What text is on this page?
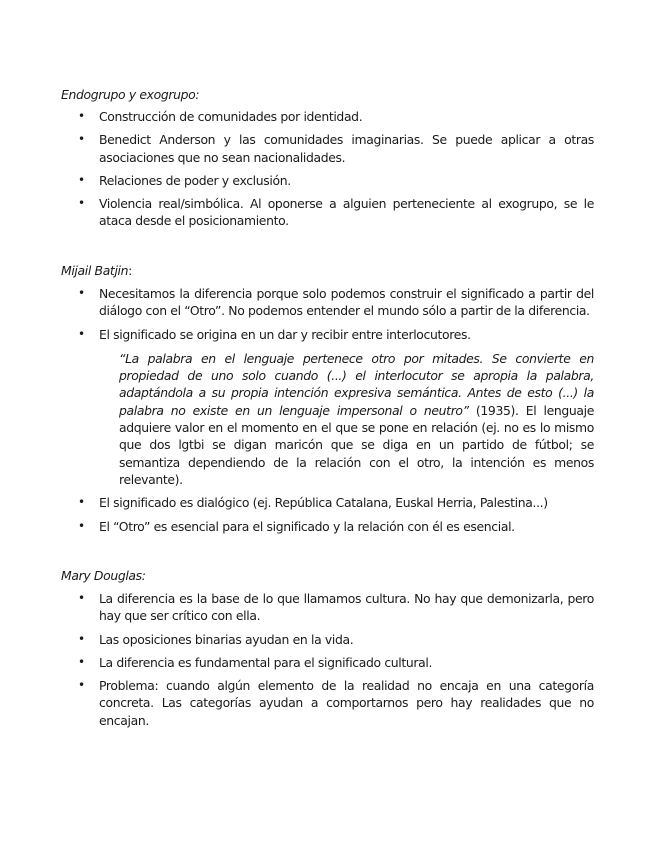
Endogrupo y exogrupo:

• Construcción de comunidades por identidad.
• Benedict Anderson y las comunidades imaginarias. Se puede aplicar a otras asociaciones que no sean nacionalidades.
• Relaciones de poder y exclusión.
• Violencia real/simbólica. Al oponerse a alguien perteneciente al exogrupo, se le ataca desde el posicionamiento.

Mijail Batjin:

• Necesitamos la diferencia porque solo podemos construir el significado a partir del diálogo con el “Otro”. No podemos entender el mundo sólo a partir de la diferencia.
• El significado se origina en un dar y recibir entre interlocutores.
“La palabra en el lenguaje pertenece otro por mitades. Se convierte en propiedad de uno solo cuando (...) el interlocutor se apropia la palabra, adaptándola a su propia intención expresiva semántica. Antes de esto (...) la palabra no existe en un lenguaje impersonal o neutro” (1935). El lenguaje adquiere valor en el momento en el que se pone en relación (ej. no es lo mismo que dos lgtbi se digan maricón que se diga en un partido de fútbol; se semantiza dependiendo de la relación con el otro, la intención es menos relevante).
• El significado es dialógico (ej. República Catalana, Euskal Herria, Palestina...)
• El “Otro” es esencial para el significado y la relación con él es esencial.

Mary Douglas:

• La diferencia es la base de lo que llamamos cultura. No hay que demonizarla, pero hay que ser crítico con ella.
• Las oposiciones binarias ayudan en la vida.
• La diferencia es fundamental para el significado cultural.
• Problema: cuando algún elemento de la realidad no encaja en una categoría concreta. Las categorías ayudan a comportarnos pero hay realidades que no encajan.
